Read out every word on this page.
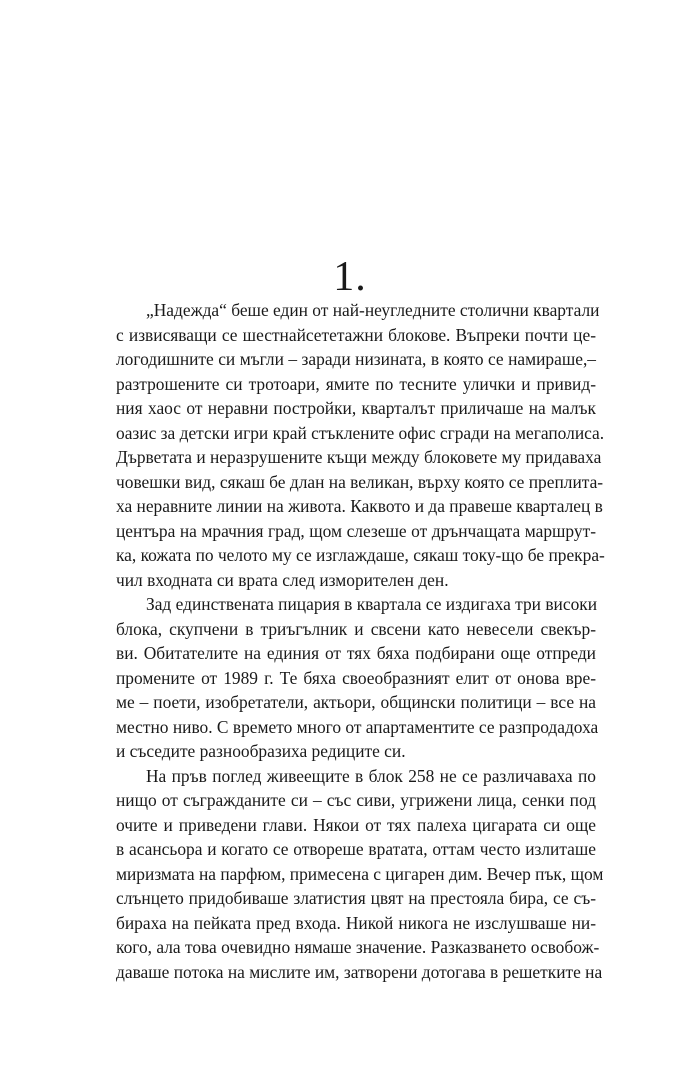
1.

„Надежда“ беше един от най-неуглeдните столични квартали
с извисяващи се шестнайсететажни блокове. Въпреки почти це-
логодишните си мъгли – заради низината, в която се намираше,–
разтрошените си тротоари, ямите по тесните улички и привид-
ния хаос от неравни постройки, кварталът приличаше на малък
оазис за детски игри край стъклените офис сгради на мегаполиса.
Дърветата и неразрушените къщи между блоковете му придаваха
човешки вид, сякаш бе длан на великан, върху която се преплита-
ха неравните линии на живота. Каквото и да правеше кварталец в
центъра на мрачния град, щом слезеше от дрънчащата маршрут-
ка, кожата по челото му се изглаждаше, сякаш току-що бе прекра-
чил входната си врата след изморителен ден.

Зад единствената пицария в квартала се издигаха три високи
блока, скупчени в триъгълник и свсени като невесели свекър-
ви. Обитателите на единия от тях бяха подбирани още отпреди
промените от 1989 г. Те бяха своеобразният елит от онова вре-
ме – поети, изобретатели, актьори, общински политици – все на
местно ниво. С времето много от апартаментите се разпродадоха
и съседите разнообразиха редиците си.

На пръв поглед живеещите в блок 258 не се различаваха по
нищо от съгражданите си – със сиви, угрижени лица, сенки под
очите и приведени глави. Някои от тях палеха цигарата си още
в асансьора и когато се отвореше вратата, оттам често излиташе
миризмата на парфюм, примесена с цигарен дим. Вечер пък, щом
слънцето придобиваше златистия цвят на престояла бира, се съ-
бираха на пейката пред входа. Никой никога не изслушваше ни-
кого, ала това очевидно нямаше значение. Разказването освобож-
даваше потока на мислите им, затворени дотогава в решетките на
